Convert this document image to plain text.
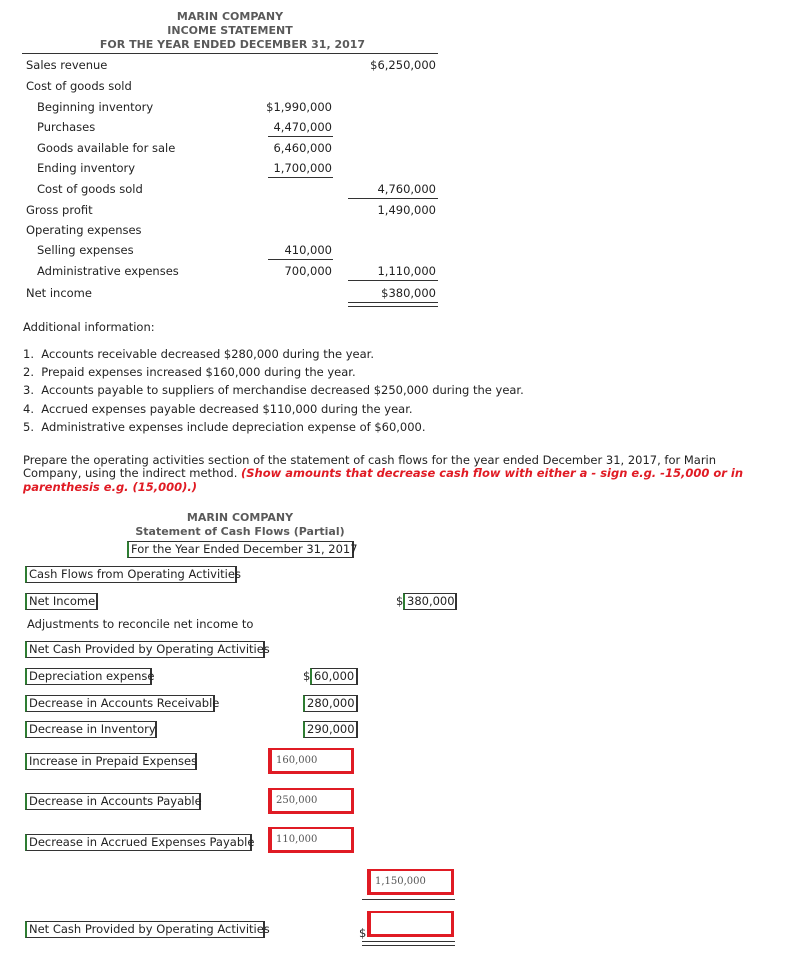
MARIN COMPANY
INCOME STATEMENT
FOR THE YEAR ENDED DECEMBER 31, 2017
Sales revenue	$6,250,000
Cost of goods sold
Beginning inventory	$1,990,000
Purchases	4,470,000
Goods available for sale	6,460,000
Ending inventory	1,700,000
Cost of goods sold	4,760,000
Gross profit	1,490,000
Operating expenses
Selling expenses	410,000
Administrative expenses	700,000	1,110,000
Net income	$380,000
Additional information:
1. Accounts receivable decreased $280,000 during the year.
2. Prepaid expenses increased $160,000 during the year.
3. Accounts payable to suppliers of merchandise decreased $250,000 during the year.
4. Accrued expenses payable decreased $110,000 during the year.
5. Administrative expenses include depreciation expense of $60,000.
Prepare the operating activities section of the statement of cash flows for the year ended December 31, 2017, for Marin
Company, using the indirect method. (Show amounts that decrease cash flow with either a - sign e.g. -15,000 or in
parenthesis e.g. (15,000).)
MARIN COMPANY
Statement of Cash Flows (Partial)
For the Year Ended December 31, 2017
Cash Flows from Operating Activities
Net Income	$ 380,000
Adjustments to reconcile net income to
Net Cash Provided by Operating Activities
Depreciation expense	$ 60,000
Decrease in Accounts Receivable	280,000
Decrease in Inventory	290,000
Increase in Prepaid Expenses	160,000
Decrease in Accounts Payable	250,000
Decrease in Accrued Expenses Payable 110,000
1,150,000
Net Cash Provided by Operating Activities	$
